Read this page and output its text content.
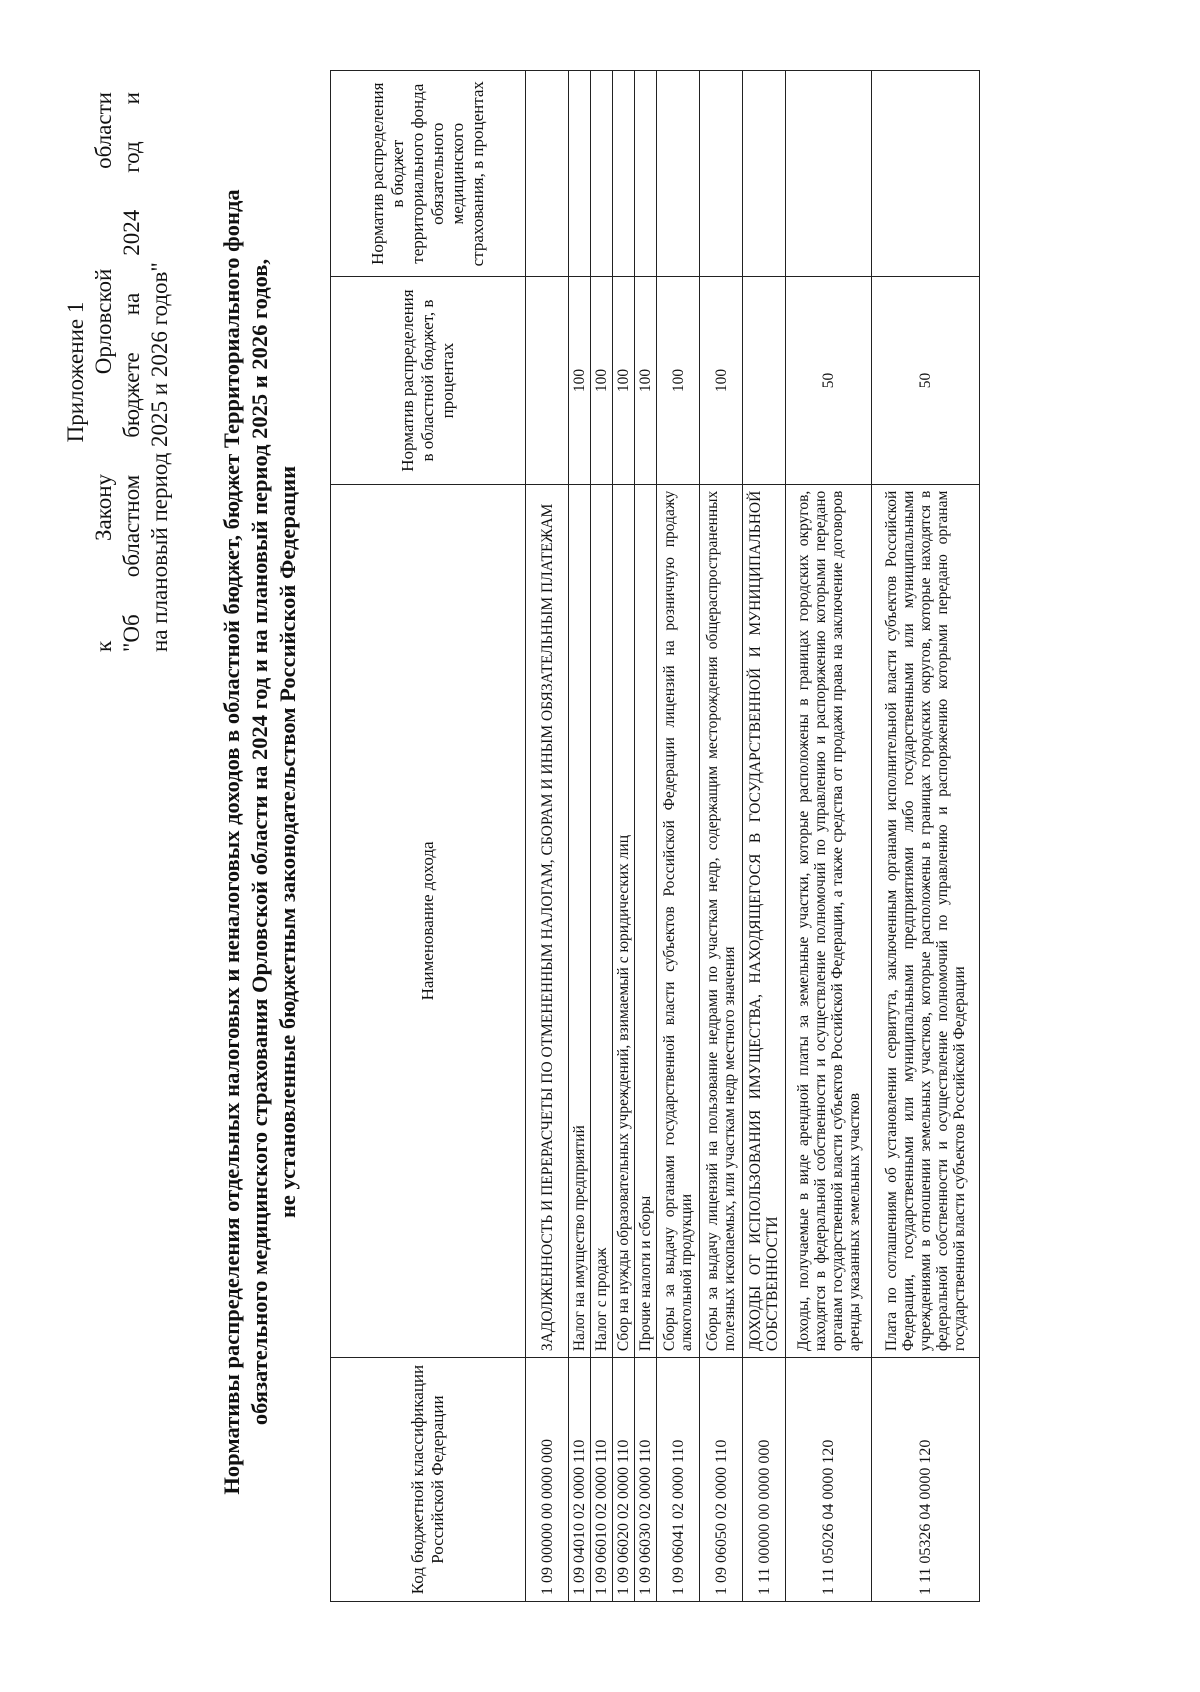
Приложение 1
к
Закону
Орловской
области "Об областном бюджете на 2024 год и на плановый период 2025 и 2026 годов" Нормативы распределения отдельных налоговых и неналоговых доходов в областной бюджет, бюджет Территориального фонда обязательного медицинского страхования Орловской области на 2024 год и на плановый период 2025 и 2026 годов, не установленные бюджетным законодательством Российской Федерации
Код бюджетной классификации Российской Федерации	Наименование дохода	Норматив распределения в областной бюджет, в процентах	Норматив распределения в бюджет территориального фонда обязательного медицинского страхования, в процентах
1 09 00000 00 0000 000	ЗАДОЛЖЕННОСТЬ И ПЕРЕРАСЧЕТЫ ПО ОТМЕНЕННЫМ НАЛОГАМ, СБОРАМ И ИНЫМ ОБЯЗАТЕЛЬНЫМ ПЛАТЕЖАМ		
1 09 04010 02 0000 110	Налог на имущество предприятий	100	
1 09 06010 02 0000 110	Налог с продаж	100	
1 09 06020 02 0000 110	Сбор на нужды образовательных учреждений, взимаемый с юридических лиц	100	
1 09 06030 02 0000 110	Прочие налоги и сборы	100	
1 09 06041 02 0000 110	Сборы за выдачу органами государственной власти субъектов Российской Федерации лицензий на розничную продажу алкогольной продукции	100	
1 09 06050 02 0000 110	Сборы за выдачу лицензий на пользование недрами по участкам недр, содержащим месторождения общераспространенных полезных ископаемых, или участкам недр местного значения	100	
1 11 00000 00 0000 000	ДОХОДЫ ОТ ИСПОЛЬЗОВАНИЯ ИМУЩЕСТВА, НАХОДЯЩЕГОСЯ В ГОСУДАРСТВЕННОЙ И МУНИЦИПАЛЬНОЙ СОБСТВЕННОСТИ		
1 11 05026 04 0000 120	Доходы, получаемые в виде арендной платы за земельные участки, которые расположены в границах городских округов, находятся в федеральной собственности и осуществление полномочий по управлению и распоряжению которыми передано органам государственной власти субъектов Российской Федерации, а также средства от продажи права на заключение договоров аренды указанных земельных участков	50	
1 11 05326 04 0000 120	Плата по соглашениям об установлении сервитута, заключенным органами исполнительной власти субъектов Российской Федерации, государственными или муниципальными предприятиями либо государственными или муниципальными учреждениями в отношении земельных участков, которые расположены в границах городских округов, которые находятся в федеральной собственности и осуществление полномочий по управлению и распоряжению которыми передано органам государственной власти субъектов Российской Федерации	50	
